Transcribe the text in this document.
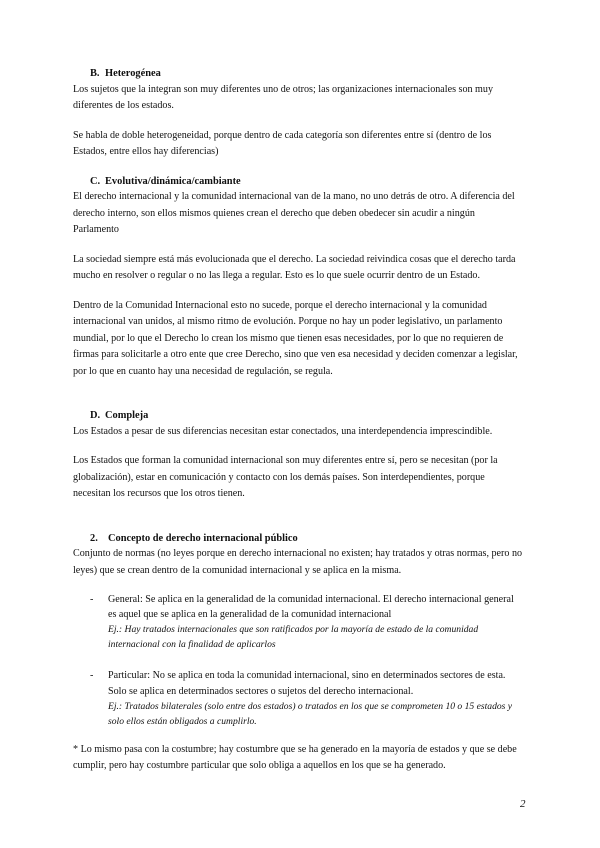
B. Heterogénea

Los sujetos que la integran son muy diferentes uno de otros; las organizaciones internacionales son muy diferentes de los estados.

Se habla de doble heterogeneidad, porque dentro de cada categoría son diferentes entre sí (dentro de los Estados, entre ellos hay diferencias)

C. Evolutiva/dinámica/cambiante

El derecho internacional y la comunidad internacional van de la mano, no uno detrás de otro. A diferencia del derecho interno, son ellos mismos quienes crean el derecho que deben obedecer sin acudir a ningún Parlamento

La sociedad siempre está más evolucionada que el derecho. La sociedad reivindica cosas que el derecho tarda mucho en resolver o regular o no las llega a regular. Esto es lo que suele ocurrir dentro de un Estado.

Dentro de la Comunidad Internacional esto no sucede, porque el derecho internacional y la comunidad internacional van unidos, al mismo ritmo de evolución. Porque no hay un poder legislativo, un parlamento mundial, por lo que el Derecho lo crean los mismo que tienen esas necesidades, por lo que no requieren de firmas para solicitarle a otro ente que cree Derecho, sino que ven esa necesidad y deciden comenzar a legislar, por lo que en cuanto hay una necesidad de regulación, se regula.

D. Compleja

Los Estados a pesar de sus diferencias necesitan estar conectados, una interdependencia imprescindible.

Los Estados que forman la comunidad internacional son muy diferentes entre sí, pero se necesitan (por la globalización), estar en comunicación y contacto con los demás países. Son interdependientes, porque necesitan los recursos que los otros tienen.

2. Concepto de derecho internacional público

Conjunto de normas (no leyes porque en derecho internacional no existen; hay tratados y otras normas, pero no leyes) que se crean dentro de la comunidad internacional y se aplica en la misma.

- General: Se aplica en la generalidad de la comunidad internacional. El derecho internacional general es aquel que se aplica en la generalidad de la comunidad internacional
Ej.: Hay tratados internacionales que son ratificados por la mayoría de estado de la comunidad internacional con la finalidad de aplicarlos
- Particular: No se aplica en toda la comunidad internacional, sino en determinados sectores de esta. Solo se aplica en determinados sectores o sujetos del derecho internacional.
Ej.: Tratados bilaterales (solo entre dos estados) o tratados en los que se comprometen 10 o 15 estados y solo ellos están obligados a cumplirlo.

* Lo mismo pasa con la costumbre; hay costumbre que se ha generado en la mayoría de estados y que se debe cumplir, pero hay costumbre particular que solo obliga a aquellos en los que se ha generado.

2
